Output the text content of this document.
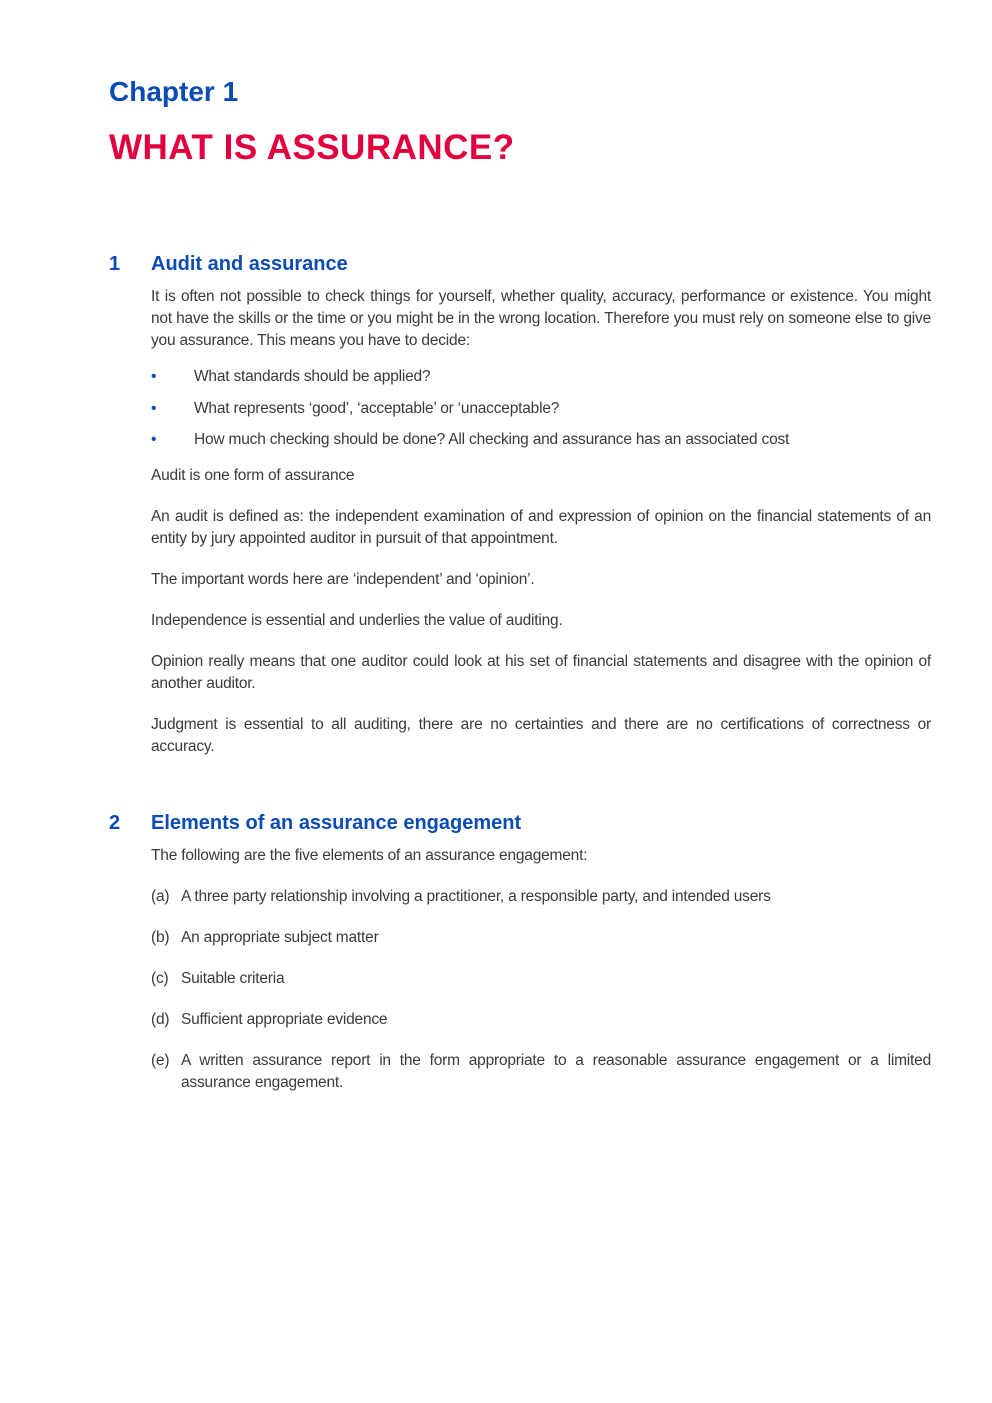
Chapter 1
WHAT IS ASSURANCE?
1 Audit and assurance
It is often not possible to check things for yourself, whether quality, accuracy, performance or existence. You might not have the skills or the time or you might be in the wrong location. Therefore you must rely on someone else to give you assurance. This means you have to decide:
• What standards should be applied?
• What represents ‘good’, ‘acceptable’ or ‘unacceptable?
• How much checking should be done? All checking and assurance has an associated cost
Audit is one form of assurance
An audit is defined as: the independent examination of and expression of opinion on the financial statements of an entity by jury appointed auditor in pursuit of that appointment.
The important words here are ‘independent’ and ‘opinion’.
Independence is essential and underlies the value of auditing.
Opinion really means that one auditor could look at his set of financial statements and disagree with the opinion of another auditor.
Judgment is essential to all auditing, there are no certainties and there are no certifications of correctness or accuracy.
2 Elements of an assurance engagement
The following are the five elements of an assurance engagement:
(a) A three party relationship involving a practitioner, a responsible party, and intended users
(b) An appropriate subject matter
(c) Suitable criteria
(d) Sufficient appropriate evidence
(e) A written assurance report in the form appropriate to a reasonable assurance engagement or a limited assurance engagement.
